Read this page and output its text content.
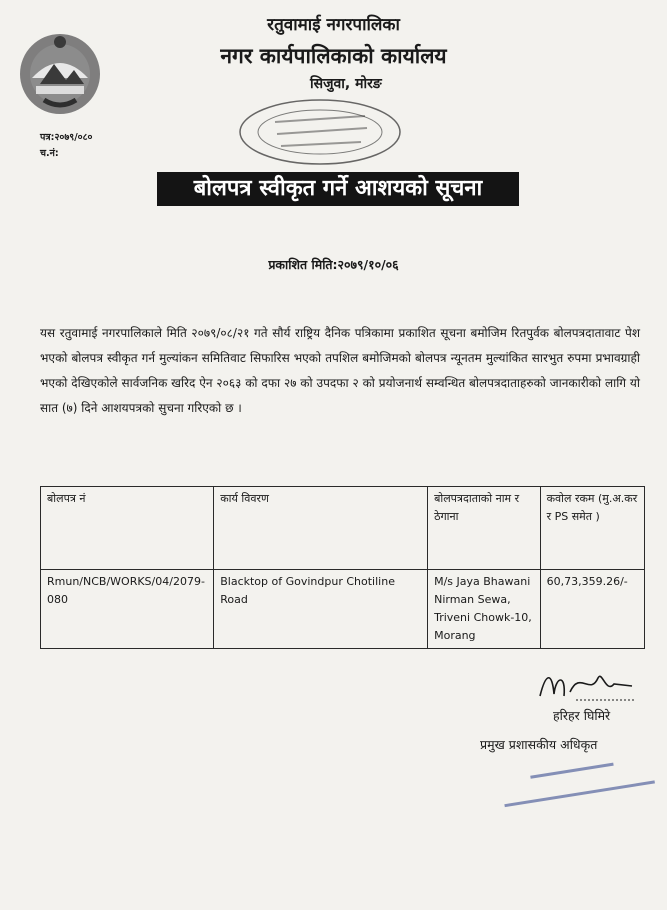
रतुवामाई नगरपालिका
नगर कार्यपालिकाको कार्यालय
सिजुवा, मोरङ
पत्र:२०७९/०८०
च.नं:
बोलपत्र स्वीकृत गर्ने आशयको सूचना
प्रकाशित मिति:२०७९/१०/०६
यस रतुवामाई नगरपालिकाले मिति २०७९/०८/२१ गते सौर्य राष्ट्रिय दैनिक पत्रिकामा प्रकाशित सूचना बमोजिम रितपुर्वक बोलपत्रदातावाट पेश भएको बोलपत्र स्वीकृत गर्न मुल्यांकन समितिवाट सिफारिस भएको तपशिल बमोजिमको बोलपत्र न्यूनतम मुल्यांकित सारभुत रुपमा प्रभावग्राही भएको देखिएकोले सार्वजनिक खरिद ऐन २०६३ को दफा २७ को उपदफा २ को प्रयोजनार्थ सम्वन्धित बोलपत्रदाताहरुको जानकारीको लागि यो सात (७) दिने आशयपत्रको सुचना गरिएको छ ।
बोलपत्र नं	कार्य विवरण	बोलपत्रदाताको नाम र ठेगाना	कवोल रकम (मु.अ.कर र PS समेत )
Rmun/NCB/WORKS/04/2079-080	Blacktop of Govindpur Chotiline Road	M/s Jaya Bhawani Nirman Sewa, Triveni Chowk-10, Morang	60,73,359.26/-
हरिहर घिमिरे
प्रमुख प्रशासकीय अधिकृत
